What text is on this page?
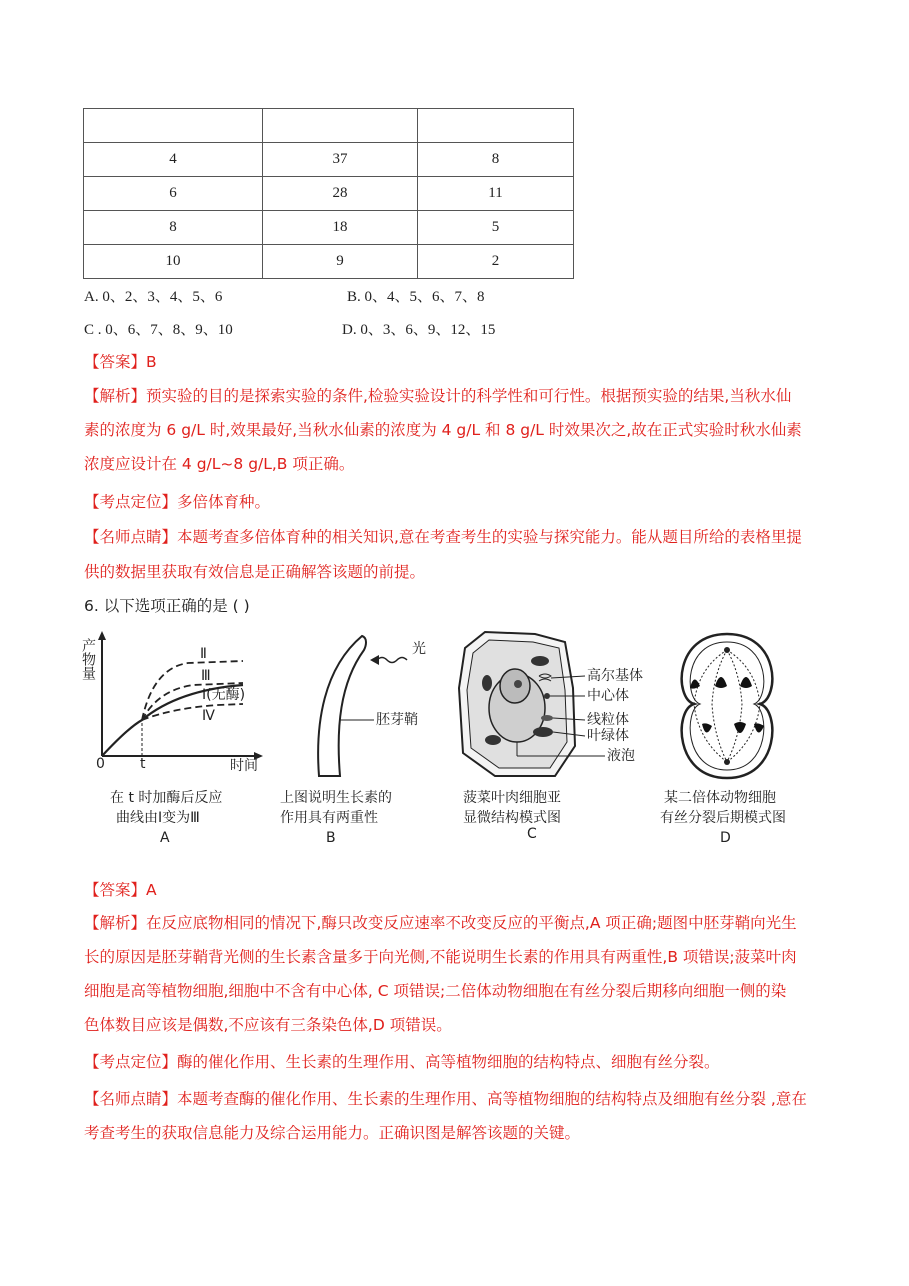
4	37	8
6	28	11
8	18	5
10	9	2
A. 0、2、3、4、5、6	B. 0、4、5、6、7、8
C . 0、6、7、8、9、10	D. 0、3、6、9、12、15
【答案】B
【解析】预实验的目的是探索实验的条件,检验实验设计的科学性和可行性。根据预实验的结果,当秋水仙
素的浓度为 6 g/L 时,效果最好,当秋水仙素的浓度为 4 g/L 和 8 g/L 时效果次之,故在正式实验时秋水仙素
浓度应设计在 4 g/L~8 g/L,B 项正确。
【考点定位】多倍体育种。
【名师点睛】本题考查多倍体育种的相关知识,意在考查考生的实验与探究能力。能从题目所给的表格里提
供的数据里获取有效信息是正确解答该题的前提。
6. 以下选项正确的是 ( )
产物量
时间
0	t
Ⅱ
Ⅲ
Ⅰ(无酶)
Ⅳ
在 t 时加酶后反应
曲线由Ⅰ变为Ⅲ
A
光
胚芽鞘
上图说明生长素的
作用具有两重性
B
高尔基体
中心体
线粒体
叶绿体
液泡
菠菜叶肉细胞亚
显微结构模式图
C
某二倍体动物细胞
有丝分裂后期模式图
D
【答案】A
【解析】在反应底物相同的情况下,酶只改变反应速率不改变反应的平衡点,A 项正确;题图中胚芽鞘向光生
长的原因是胚芽鞘背光侧的生长素含量多于向光侧,不能说明生长素的作用具有两重性,B 项错误;菠菜叶肉
细胞是高等植物细胞,细胞中不含有中心体, C 项错误;二倍体动物细胞在有丝分裂后期移向细胞一侧的染
色体数目应该是偶数,不应该有三条染色体,D 项错误。
【考点定位】酶的催化作用、生长素的生理作用、高等植物细胞的结构特点、细胞有丝分裂。
【名师点睛】本题考查酶的催化作用、生长素的生理作用、高等植物细胞的结构特点及细胞有丝分裂 ,意在
考查考生的获取信息能力及综合运用能力。正确识图是解答该题的关键。
